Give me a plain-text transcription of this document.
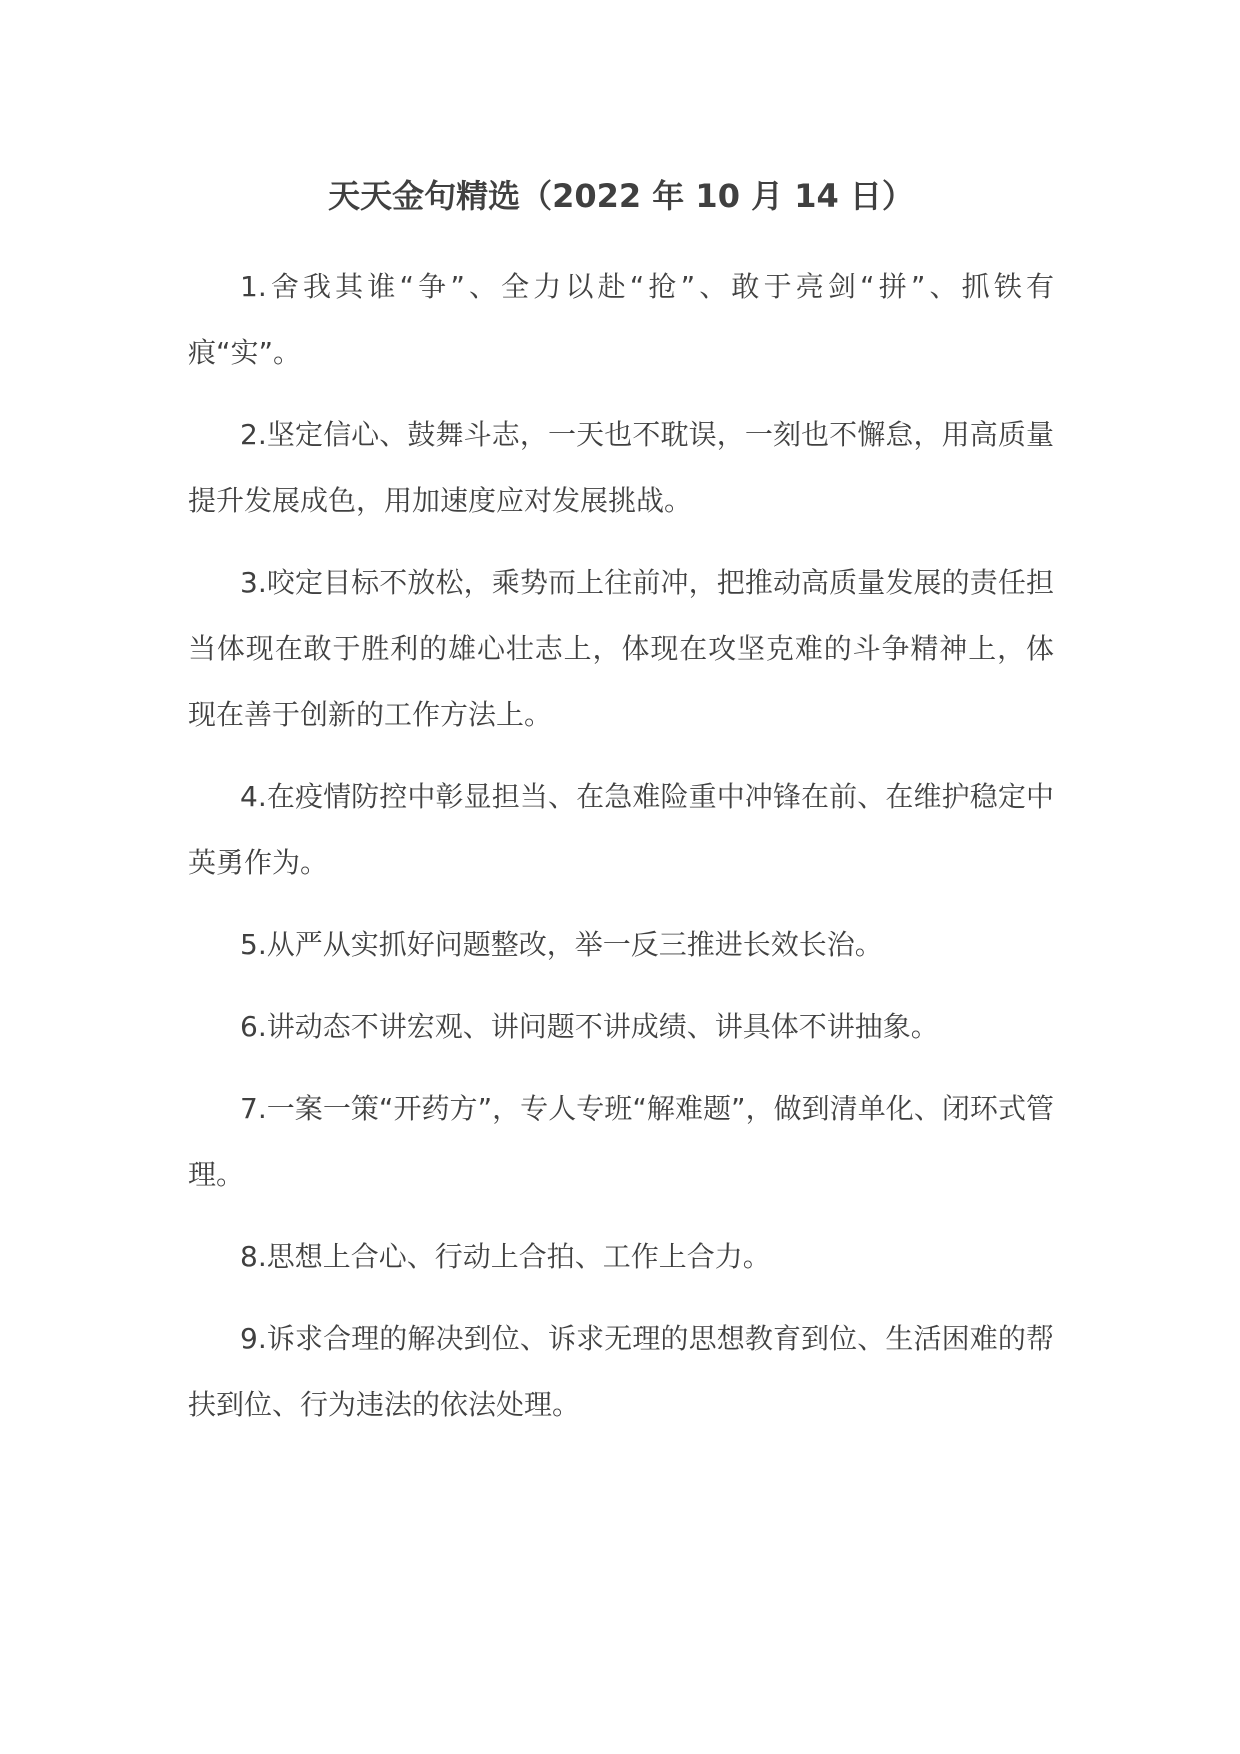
天天金句精选（2022 年 10 月 14 日）

1.舍我其谁“争”、全力以赴“抢”、敢于亮剑“拼”、抓铁有痕“实”。

2.坚定信心、鼓舞斗志，一天也不耽误，一刻也不懈怠，用高质量提升发展成色，用加速度应对发展挑战。

3.咬定目标不放松，乘势而上往前冲，把推动高质量发展的责任担当体现在敢于胜利的雄心壮志上，体现在攻坚克难的斗争精神上，体现在善于创新的工作方法上。

4.在疫情防控中彰显担当、在急难险重中冲锋在前、在维护稳定中英勇作为。

5.从严从实抓好问题整改，举一反三推进长效长治。

6.讲动态不讲宏观、讲问题不讲成绩、讲具体不讲抽象。

7.一案一策“开药方”，专人专班“解难题”，做到清单化、闭环式管理。

8.思想上合心、行动上合拍、工作上合力。

9.诉求合理的解决到位、诉求无理的思想教育到位、生活困难的帮扶到位、行为违法的依法处理。
